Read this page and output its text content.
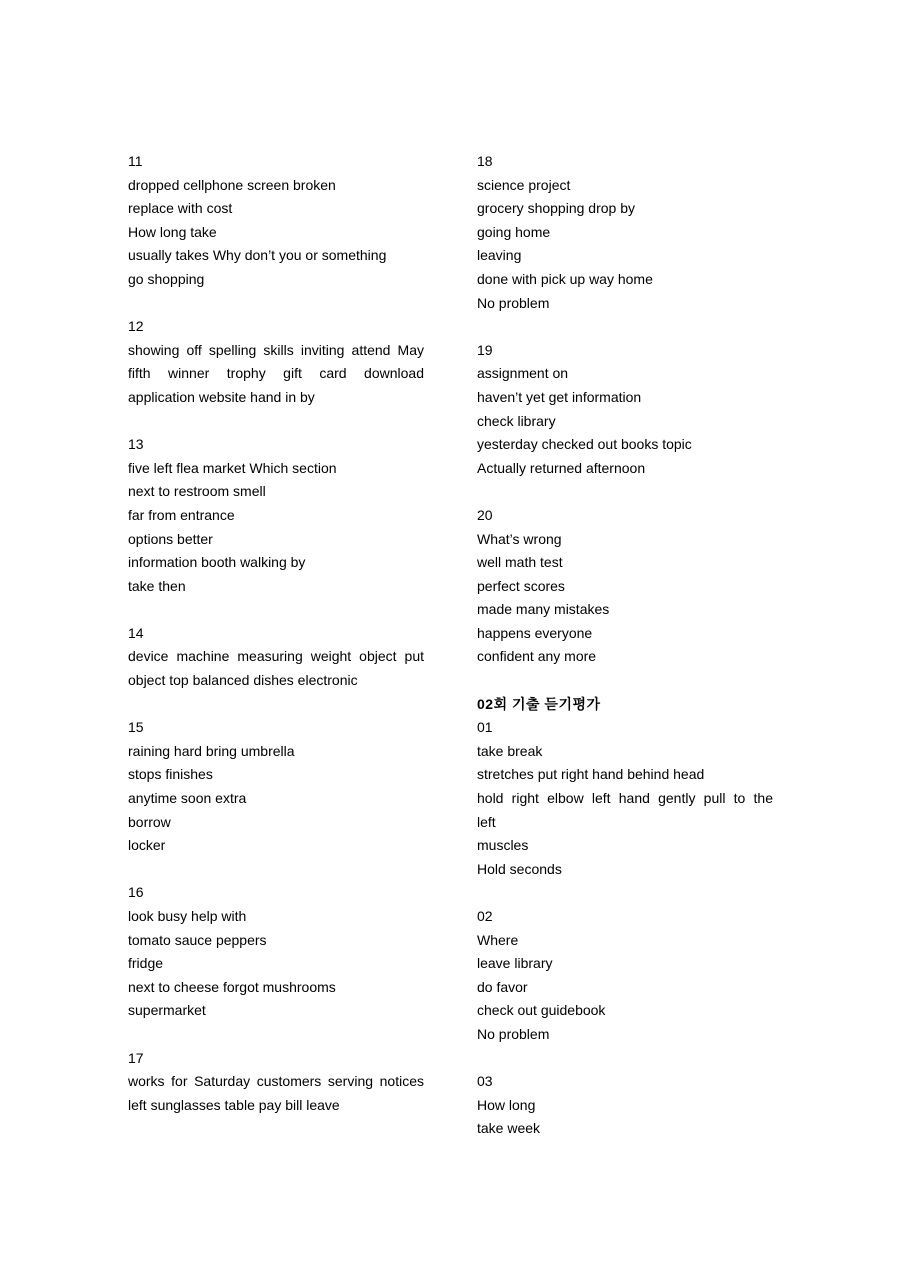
11
dropped cellphone screen broken
replace with cost
How long take
usually takes Why don’t you or something
go shopping
12
showing off spelling skills inviting attend May
fifth winner trophy gift card download
application website hand in by
13
five left flea market Which section
next to restroom smell
far from entrance
options better
information booth walking by
take then
14
device machine measuring weight object put
object top balanced dishes electronic
15
raining hard bring umbrella
stops finishes
anytime soon extra
borrow
locker
16
look busy help with
tomato sauce peppers
fridge
next to cheese forgot mushrooms
supermarket
17
works for Saturday customers serving notices
left sunglasses table pay bill leave
18
science project
grocery shopping drop by
going home
leaving
done with pick up way home
No problem
19
assignment on
haven’t yet get information
check library
yesterday checked out books topic
Actually returned afternoon
20
What’s wrong
well math test
perfect scores
made many mistakes
happens everyone
confident any more
02회 기출 듣기평가
01
take break
stretches put right hand behind head
hold right elbow left hand gently pull to the
left
muscles
Hold seconds
02
Where
leave library
do favor
check out guidebook
No problem
03
How long
take week
